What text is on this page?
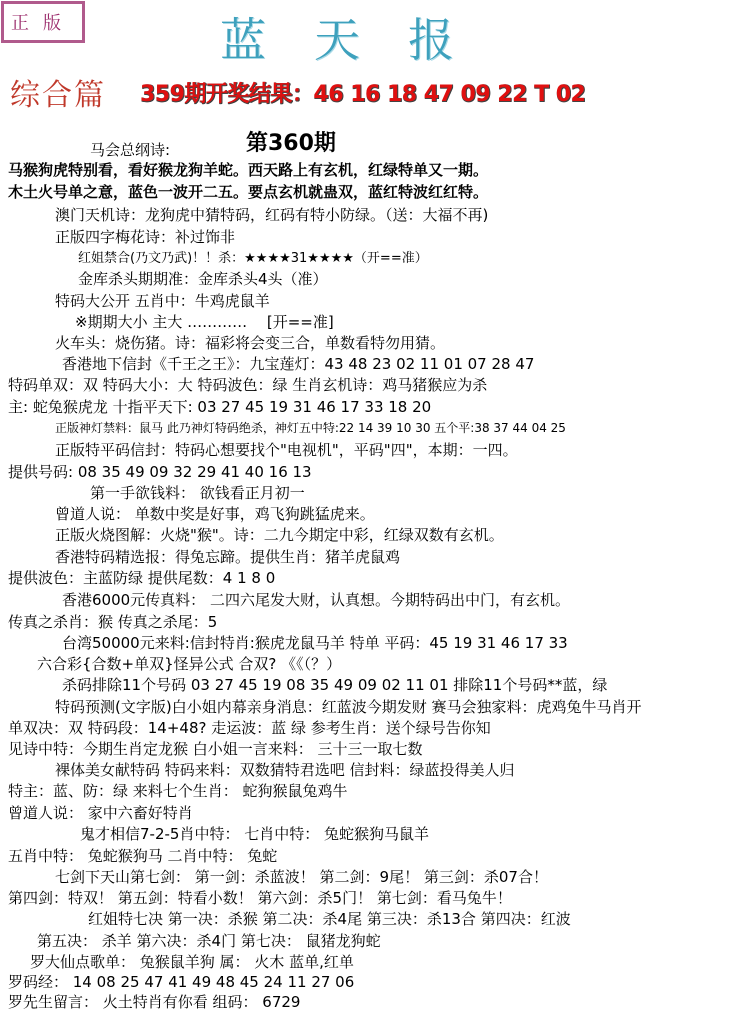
正版	蓝天报
综合篇 359期开奖结果：46 16 18 47 09 22 T 02
第360期
马会总纲诗:
马猴狗虎特别看，看好猴龙狗羊蛇。西天路上有玄机，红绿特单又一期。
木土火号单之意，蓝色一波开二五。要点玄机就蛊双，蓝红特波红红特。
澳门天机诗：龙狗虎中猜特码，红码有特小防绿。（送：大福不再)
正版四字梅花诗：补过饰非
红姐禁合(乃文乃武)！！杀：★★★★31★★★★（开==准）
金库杀头期期准：金库杀头4头（准）
特码大公开 五肖中：牛鸡虎鼠羊
※期期大小 主大 ………… 　[开==准]
火车头：烧伤猪。诗：福彩将会变三合，单数看特勿用猜。
香港地下信封《千王之王》：九宝莲灯：43 48 23 02 11 01 07 28 47
特码单双：双 特码大小：大 特码波色：绿 生肖玄机诗：鸡马猪猴应为杀
主: 蛇兔猴虎龙 十指平天下: 03 27 45 19 31 46 17 33 18 20
正版神灯禁料：鼠马 此乃神灯特码绝杀，神灯五中特:22 14 39 10 30 五个平:38 37 44 04 25
正版特平码信封：特码心想要找个"电视机"，平码"四"，本期：一四。
提供号码: 08 35 49 09 32 29 41 40 16 13
第一手欲钱料： 欲钱看正月初一
曾道人说： 单数中奖是好事，鸡飞狗跳猛虎来。
正版火烧图解：火烧"猴"。诗：二九今期定中彩，红绿双数有玄机。
香港特码精选报：得兔忘蹄。提供生肖：猪羊虎鼠鸡
提供波色：主蓝防绿 提供尾数：4 1 8 0
香港6000元传真料： 二四六尾发大财，认真想。今期特码出中门，有玄机。
传真之杀肖：猴 传真之杀尾：5
台湾50000元来料:信封特肖:猴虎龙鼠马羊 特单 平码：45 19 31 46 17 33
六合彩{合数+单双}怪异公式 合双? 《《（？）
杀码排除11个号码 03 27 45 19 08 35 49 09 02 11 01 排除11个号码**蓝，绿
特码预测(文字版)白小姐内幕亲身消息：红蓝波今期发财 赛马会独家料：虎鸡兔牛马肖开
单双决：双 特码段：14+48? 走运波：蓝 绿 参考生肖：送个绿号告你知
见诗中特：今期生肖定龙猴 白小姐一言来料： 三十三一取七数
裸体美女献特码 特码来料：双数猜特君选吧 信封料：绿蓝投得美人归
特主：蓝、防：绿 来料七个生肖： 蛇狗猴鼠兔鸡牛
曾道人说： 家中六畜好特肖
鬼才相信7-2-5肖中特： 七肖中特： 兔蛇猴狗马鼠羊
五肖中特： 兔蛇猴狗马 二肖中特： 兔蛇
七剑下天山第七剑： 第一剑：杀蓝波！ 第二剑：9尾！ 第三剑：杀07合！
第四剑：特双！ 第五剑：特看小数！ 第六剑：杀5门！ 第七剑：看马兔牛！
红姐特七决 第一决：杀猴 第二决：杀4尾 第三决：杀13合 第四决：红波
第五决： 杀羊 第六决：杀4门 第七决： 鼠猪龙狗蛇
罗大仙点歌单： 兔猴鼠羊狗 属： 火木 蓝单,红单
罗码经： 14 08 25 47 41 49 48 45 24 11 27 06
罗先生留言： 火土特肖有你看 组码： 6729
